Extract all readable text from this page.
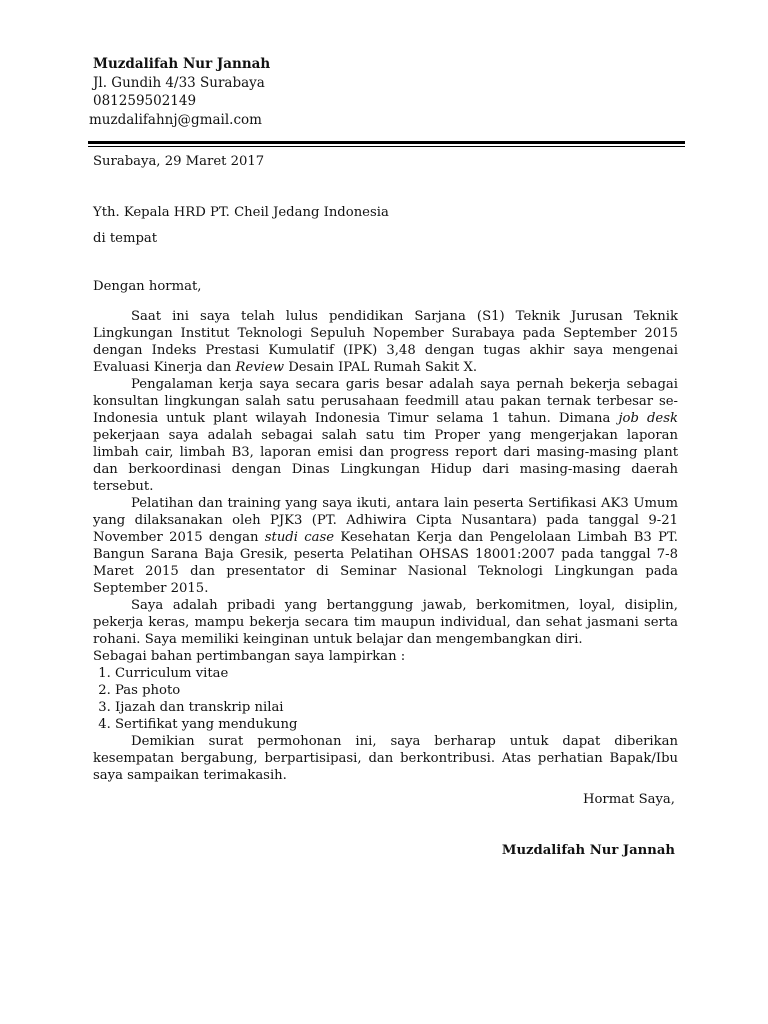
Muzdalifah Nur Jannah
Jl. Gundih 4/33 Surabaya
081259502149
muzdalifahnj@gmail.com
Surabaya, 29 Maret 2017
Yth. Kepala HRD PT. Cheil Jedang Indonesia
di tempat
Dengan hormat,

Saat ini saya telah lulus pendidikan Sarjana (S1) Teknik Jurusan Teknik Lingkungan Institut Teknologi Sepuluh Nopember Surabaya pada September 2015 dengan Indeks Prestasi Kumulatif (IPK) 3,48 dengan tugas akhir saya mengenai Evaluasi Kinerja dan Review Desain IPAL Rumah Sakit X.

Pengalaman kerja saya secara garis besar adalah saya pernah bekerja sebagai konsultan lingkungan salah satu perusahaan feedmill atau pakan ternak terbesar se-Indonesia untuk plant wilayah Indonesia Timur selama 1 tahun. Dimana job desk pekerjaan saya adalah sebagai salah satu tim Proper yang mengerjakan laporan limbah cair, limbah B3, laporan emisi dan progress report dari masing-masing plant dan berkoordinasi dengan Dinas Lingkungan Hidup dari masing-masing daerah tersebut.

Pelatihan dan training yang saya ikuti, antara lain peserta Sertifikasi AK3 Umum yang dilaksanakan oleh PJK3 (PT. Adhiwira Cipta Nusantara) pada tanggal 9-21 November 2015 dengan studi case Kesehatan Kerja dan Pengelolaan Limbah B3 PT. Bangun Sarana Baja Gresik, peserta Pelatihan OHSAS 18001:2007 pada tanggal 7-8 Maret 2015 dan presentator di Seminar Nasional Teknologi Lingkungan pada September 2015.

Saya adalah pribadi yang bertanggung jawab, berkomitmen, loyal, disiplin, pekerja keras, mampu bekerja secara tim maupun individual, dan sehat jasmani serta rohani. Saya memiliki keinginan untuk belajar dan mengembangkan diri.

Sebagai bahan pertimbangan saya lampirkan :

1. Curriculum vitae
2. Pas photo
3. Ijazah dan transkrip nilai
4. Sertifikat yang mendukung

Demikian surat permohonan ini, saya berharap untuk dapat diberikan kesempatan bergabung, berpartisipasi, dan berkontribusi. Atas perhatian Bapak/Ibu saya sampaikan terimakasih.

Hormat Saya,
Muzdalifah Nur Jannah
